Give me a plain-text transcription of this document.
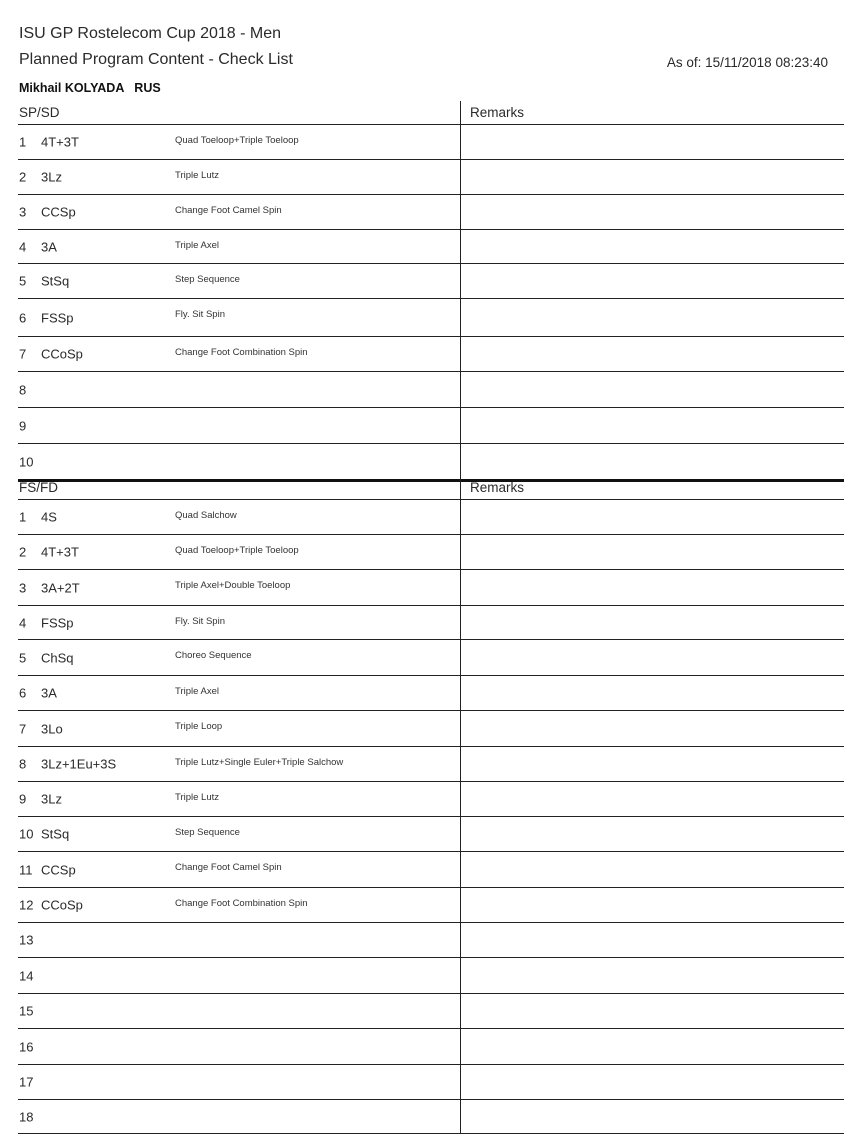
ISU GP Rostelecom Cup 2018 - Men
Planned Program Content - Check List	As of: 15/11/2018 08:23:40
Mikhail KOLYADA   RUS
SP/SD	Remarks
1 4T+3T	Quad Toeloop+Triple Toeloop
2 3Lz	Triple Lutz
3 CCSp	Change Foot Camel Spin
4 3A	Triple Axel
5 StSq	Step Sequence
6 FSSp	Fly. Sit Spin
7 CCoSp	Change Foot Combination Spin
8
9
10
FS/FD	Remarks
1 4S	Quad Salchow
2 4T+3T	Quad Toeloop+Triple Toeloop
3 3A+2T	Triple Axel+Double Toeloop
4 FSSp	Fly. Sit Spin
5 ChSq	Choreo Sequence
6 3A	Triple Axel
7 3Lo	Triple Loop
8 3Lz+1Eu+3S	Triple Lutz+Single Euler+Triple Salchow
9 3Lz	Triple Lutz
10 StSq	Step Sequence
11 CCSp	Change Foot Camel Spin
12 CCoSp	Change Foot Combination Spin
13
14
15
16
17
18
